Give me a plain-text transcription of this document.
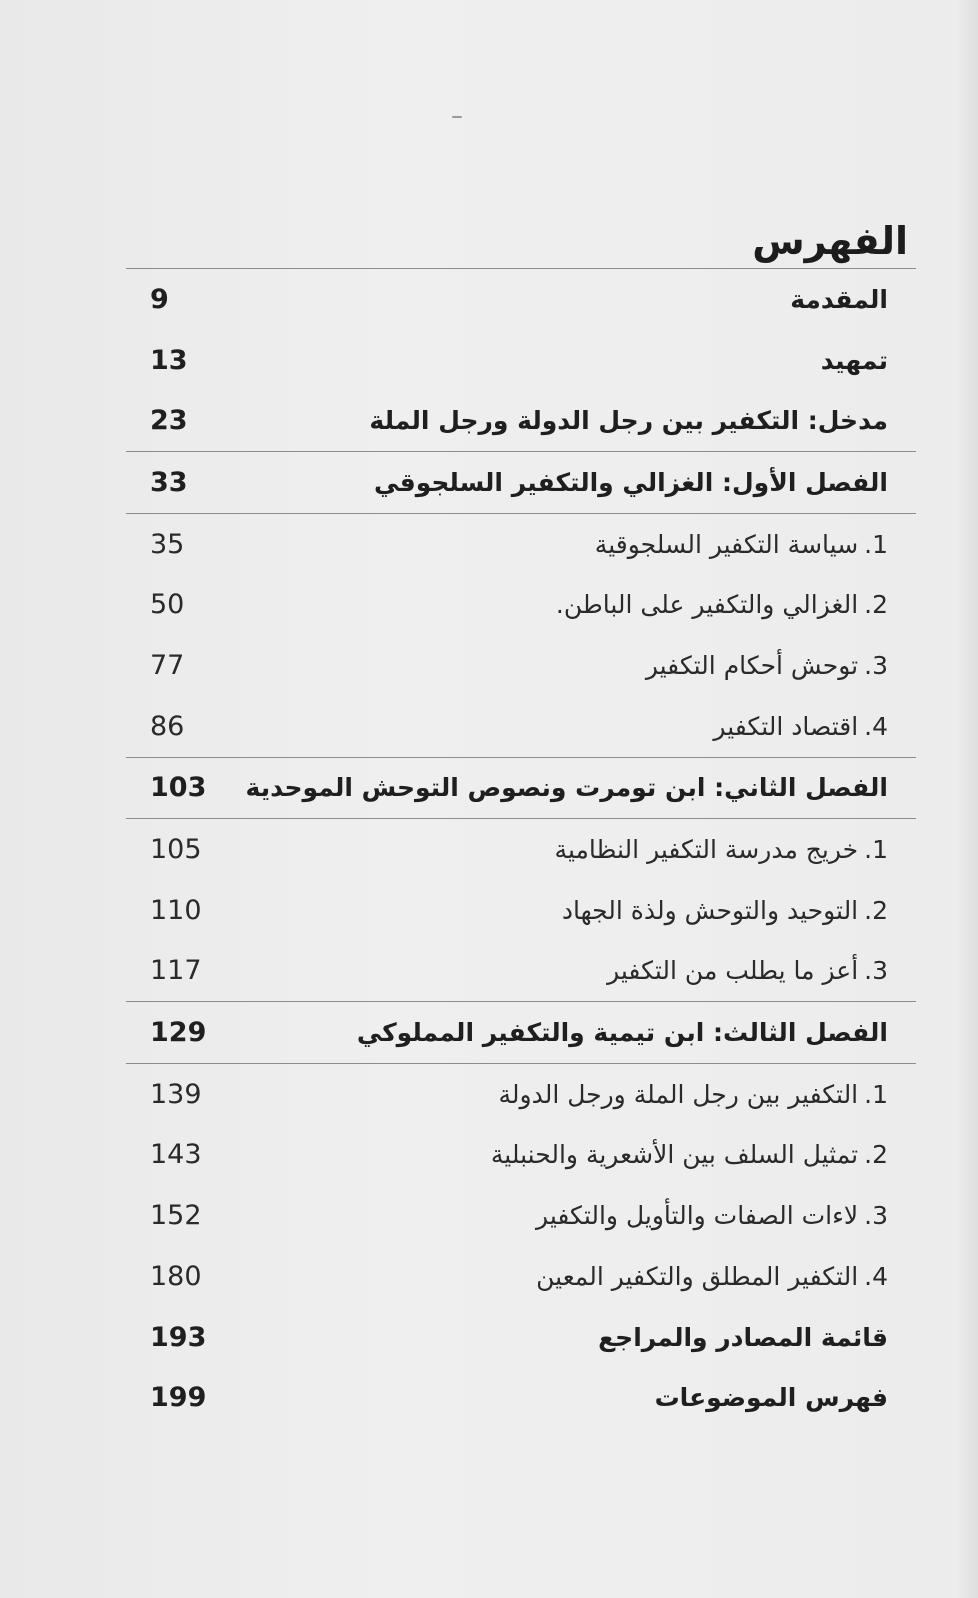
الفهرس
المقدمة
9
تمهيد
13
مدخل: التكفير بين رجل الدولة ورجل الملة
23
الفصل الأول: الغزالي والتكفير السلجوقي
33
1.سياسة التكفير السلجوقية
35
2.الغزالي والتكفير على الباطن.
50
3.توحش أحكام التكفير
77
4.اقتصاد التكفير
86
الفصل الثاني: ابن تومرت ونصوص التوحش الموحدية
103
1.خريج مدرسة التكفير النظامية
105
2.التوحيد والتوحش ولذة الجهاد
110
3.أعز ما يطلب من التكفير
117
الفصل الثالث: ابن تيمية والتكفير المملوكي
129
1.التكفير بين رجل الملة ورجل الدولة
139
2.تمثيل السلف بين الأشعرية والحنبلية
143
3.لاءات الصفات والتأويل والتكفير
152
4.التكفير المطلق والتكفير المعين
180
قائمة المصادر والمراجع
193
فهرس الموضوعات
199
